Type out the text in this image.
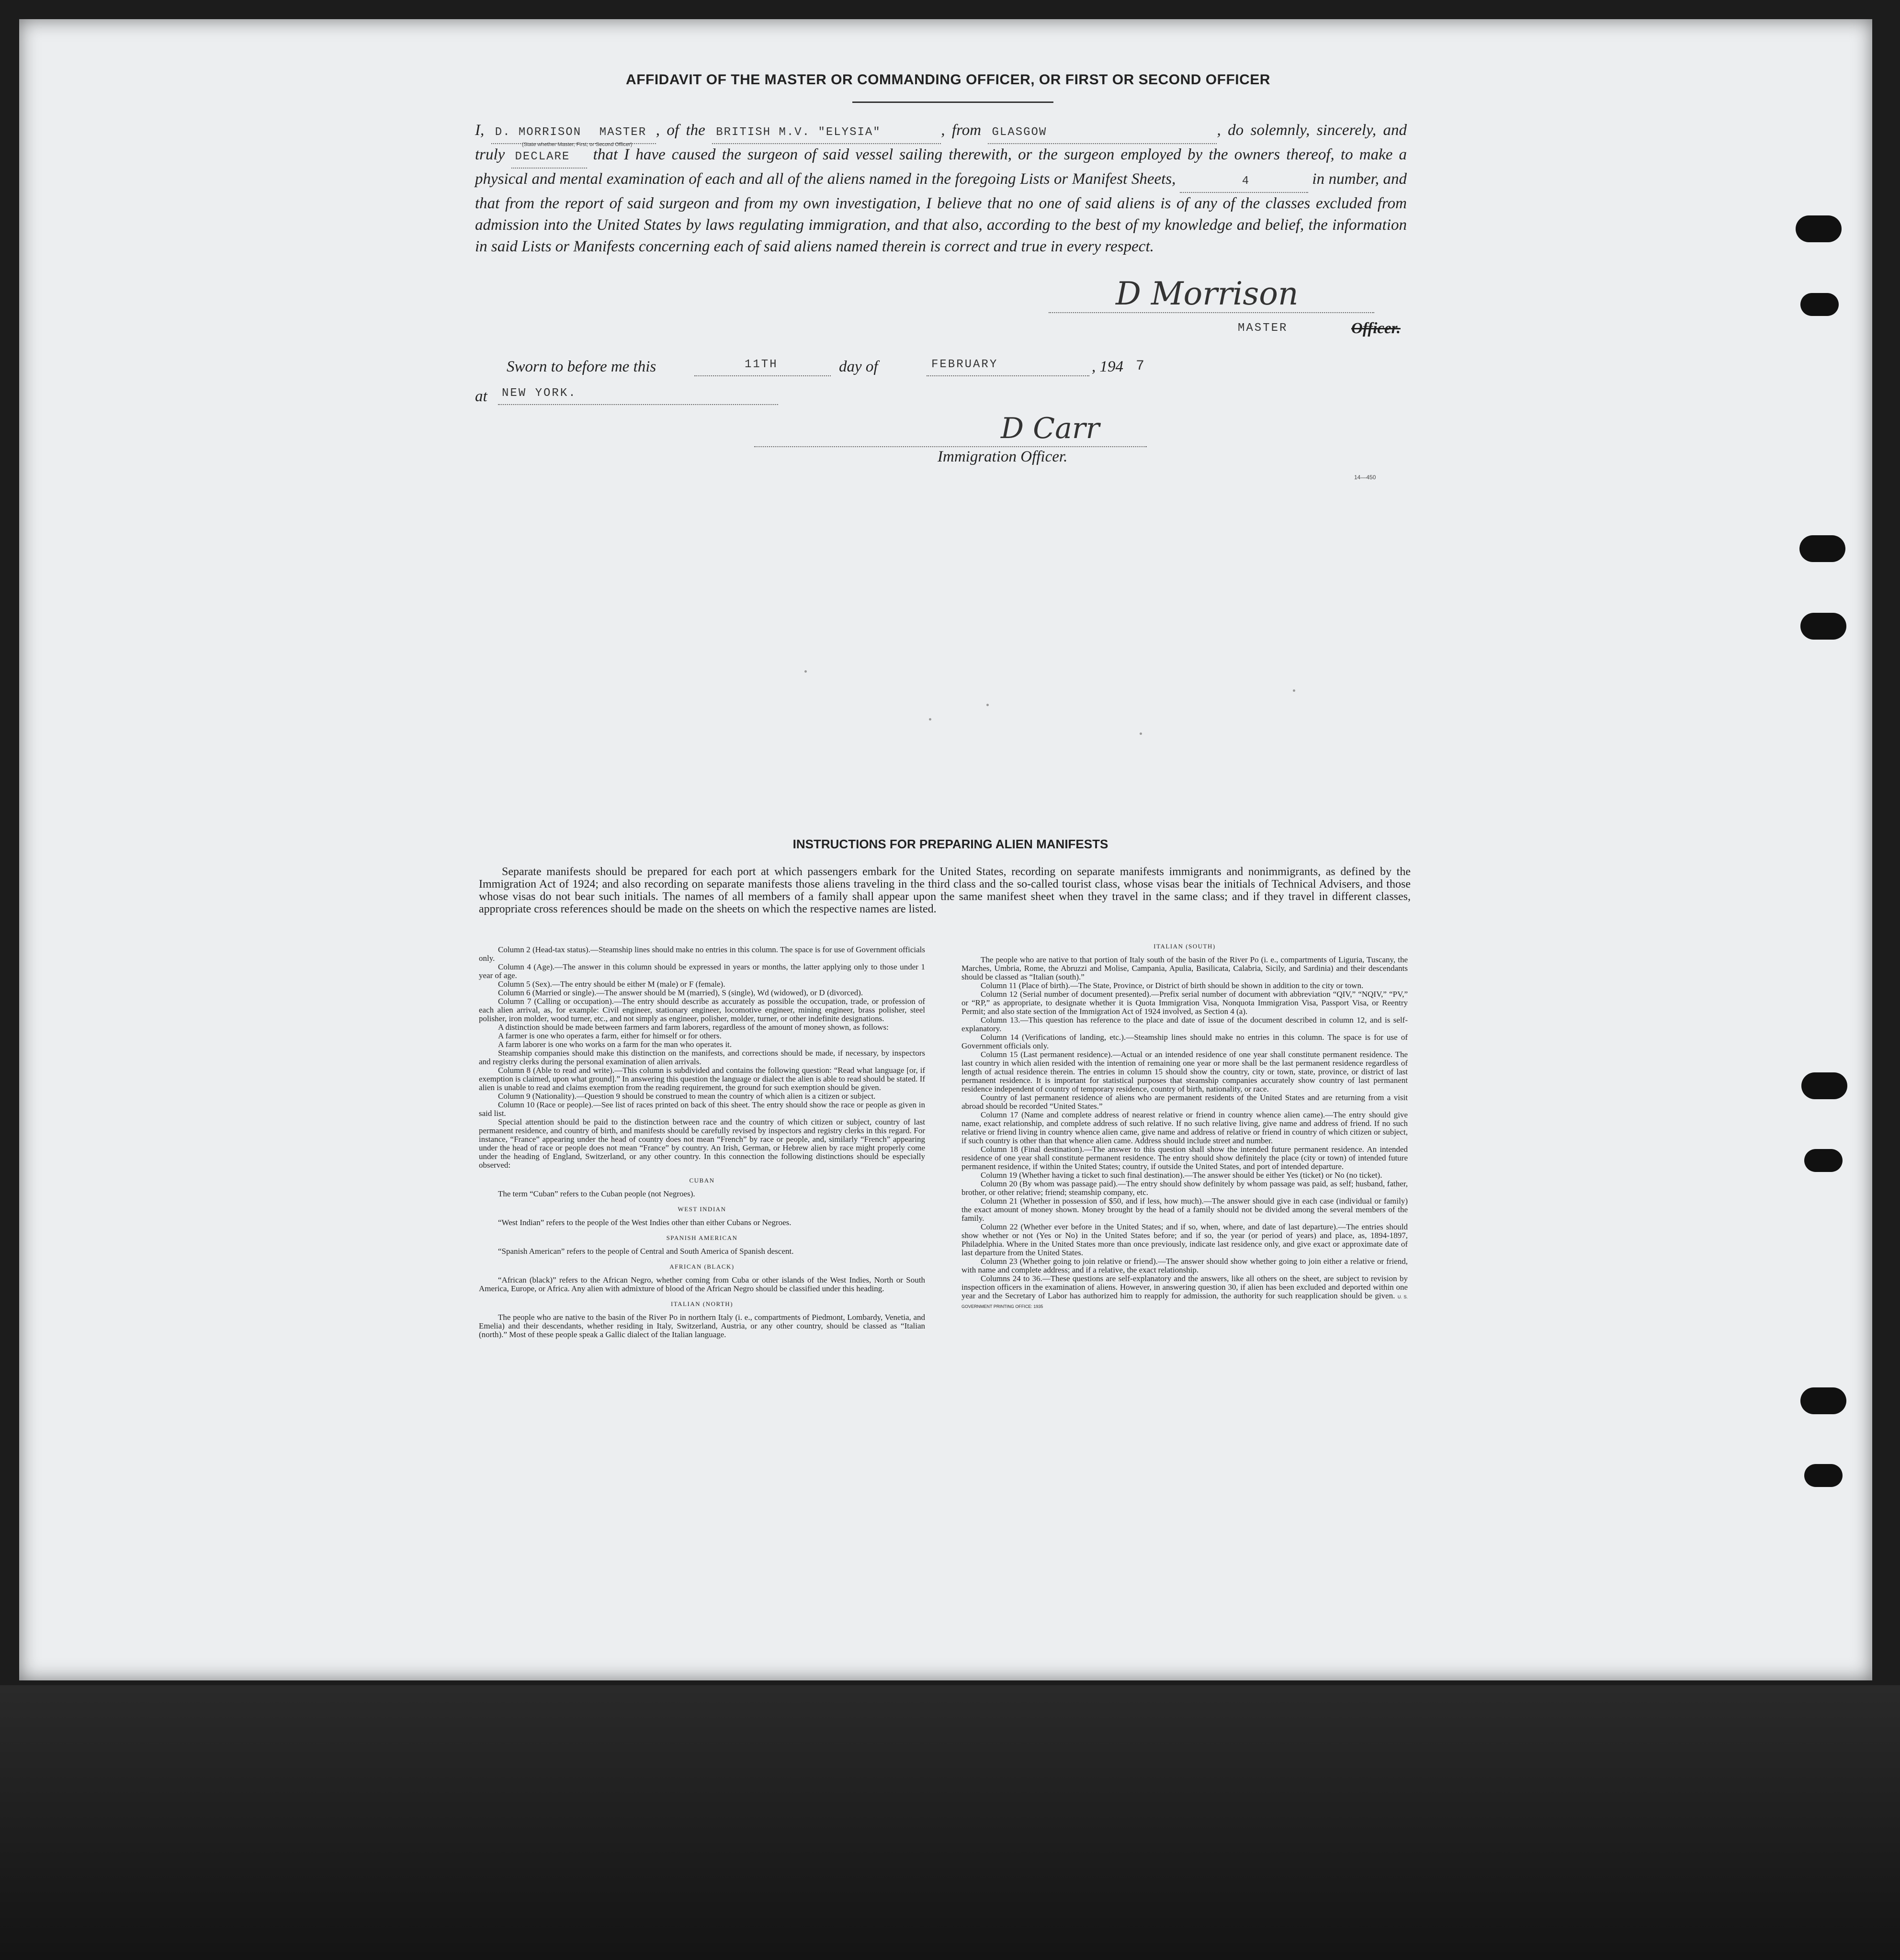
AFFIDAVIT OF THE MASTER OR COMMANDING OFFICER, OR FIRST OR SECOND OFFICER
I, D. MORRISON MASTER , of the BRITISH M.V. "ELYSIA"	, from GLASGOW	, do solemnly, sincerely, and truly DECLARE that I have caused the surgeon of said vessel sailing therewith, or the surgeon employed by the owners thereof, to make a physical and mental examination of each and all of the aliens named in the foregoing Lists or Manifest Sheets,	4	in number, and that from the report of said surgeon and from my own investigation, I believe that no one of said aliens is of any of the classes excluded from admission into the United States by laws regulating immigration, and that also, according to the best of my knowledge and belief, the information in said Lists or Manifests concerning each of said aliens named therein is correct and true in every respect.
(State whether Master, First, or Second Officer)
D Morrison
MASTER	Officer.
Sworn to before me this	11TH	day of	FEBRUARY	, 194 7
at NEW YORK.
D Carr
Immigration Officer.
14—450
INSTRUCTIONS FOR PREPARING ALIEN MANIFESTS
Separate manifests should be prepared for each port at which passengers embark for the United States, recording on separate manifests immigrants and nonimmigrants, as defined by the Immigration Act of 1924; and also recording on separate manifests those aliens traveling in the third class and the so-called tourist class, whose visas bear the initials of Technical Advisers, and those whose visas do not bear such initials. The names of all members of a family shall appear upon the same manifest sheet when they travel in the same class; and if they travel in different classes, appropriate cross references should be made on the sheets on which the respective names are listed.

Column 2 (Head-tax status).—Steamship lines should make no entries in this column. The space is for use of Government officials only.

Column 4 (Age).—The answer in this column should be expressed in years or months, the latter applying only to those under 1 year of age.

Column 5 (Sex).—The entry should be either M (male) or F (female).

Column 6 (Married or single).—The answer should be M (married), S (single), Wd (widowed), or D (divorced).

Column 7 (Calling or occupation).—The entry should describe as accurately as possible the occupation, trade, or profession of each alien arrival, as, for example: Civil engineer, stationary engineer, locomotive engineer, mining engineer, brass polisher, steel polisher, iron molder, wood turner, etc., and not simply as engineer, polisher, molder, turner, or other indefinite designations.

A distinction should be made between farmers and farm laborers, regardless of the amount of money shown, as follows:

A farmer is one who operates a farm, either for himself or for others.

A farm laborer is one who works on a farm for the man who operates it.

Steamship companies should make this distinction on the manifests, and corrections should be made, if necessary, by inspectors and registry clerks during the personal examination of alien arrivals.

Column 8 (Able to read and write).—This column is subdivided and contains the following question: “Read what language [or, if exemption is claimed, upon what ground].” In answering this question the language or dialect the alien is able to read should be stated. If alien is unable to read and claims exemption from the reading requirement, the ground for such exemption should be given.

Column 9 (Nationality).—Question 9 should be construed to mean the country of which alien is a citizen or subject.

Column 10 (Race or people).—See list of races printed on back of this sheet. The entry should show the race or people as given in said list.

Special attention should be paid to the distinction between race and the country of which citizen or subject, country of last permanent residence, and country of birth, and manifests should be carefully revised by inspectors and registry clerks in this regard. For instance, “France” appearing under the head of country does not mean “French” by race or people, and, similarly “French” appearing under the head of race or people does not mean “France” by country. An Irish, German, or Hebrew alien by race might properly come under the heading of England, Switzerland, or any other country. In this connection the following distinctions should be especially observed:

CUBAN

The term “Cuban” refers to the Cuban people (not Negroes).

WEST INDIAN

“West Indian” refers to the people of the West Indies other than either Cubans or Negroes.

SPANISH AMERICAN

“Spanish American” refers to the people of Central and South America of Spanish descent.

AFRICAN (BLACK)

“African (black)” refers to the African Negro, whether coming from Cuba or other islands of the West Indies, North or South America, Europe, or Africa. Any alien with admixture of blood of the African Negro should be classified under this heading.

ITALIAN (NORTH)

The people who are native to the basin of the River Po in northern Italy (i. e., compartments of Piedmont, Lombardy, Venetia, and Emelia) and their descendants, whether residing in Italy, Switzerland, Austria, or any other country, should be classed as “Italian (north).” Most of these people speak a Gallic dialect of the Italian language.

ITALIAN (SOUTH)

The people who are native to that portion of Italy south of the basin of the River Po (i. e., compartments of Liguria, Tuscany, the Marches, Umbria, Rome, the Abruzzi and Molise, Campania, Apulia, Basilicata, Calabria, Sicily, and Sardinia) and their descendants should be classed as “Italian (south).”

Column 11 (Place of birth).—The State, Province, or District of birth should be shown in addition to the city or town.

Column 12 (Serial number of document presented).—Prefix serial number of document with abbreviation “QIV,” “NQIV,” “PV,” or “RP,” as appropriate, to designate whether it is Quota Immigration Visa, Nonquota Immigration Visa, Passport Visa, or Reentry Permit; and also state section of the Immigration Act of 1924 involved, as Section 4 (a).

Column 13.—This question has reference to the place and date of issue of the document described in column 12, and is self-explanatory.

Column 14 (Verifications of landing, etc.).—Steamship lines should make no entries in this column. The space is for use of Government officials only.

Column 15 (Last permanent residence).—Actual or an intended residence of one year shall constitute permanent residence. The last country in which alien resided with the intention of remaining one year or more shall be the last permanent residence regardless of length of actual residence therein. The entries in column 15 should show the country, city or town, state, province, or district of last permanent residence. It is important for statistical purposes that steamship companies accurately show country of last permanent residence independent of country of temporary residence, country of birth, nationality, or race.

Country of last permanent residence of aliens who are permanent residents of the United States and are returning from a visit abroad should be recorded “United States.”

Column 17 (Name and complete address of nearest relative or friend in country whence alien came).—The entry should give name, exact relationship, and complete address of such relative. If no such relative living, give name and address of friend. If no such relative or friend living in country whence alien came, give name and address of relative or friend in country of which citizen or subject, if such country is other than that whence alien came. Address should include street and number.

Column 18 (Final destination).—The answer to this question shall show the intended future permanent residence. An intended residence of one year shall constitute permanent residence. The entry should show definitely the place (city or town) of intended future permanent residence, if within the United States; country, if outside the United States, and port of intended departure.

Column 19 (Whether having a ticket to such final destination).—The answer should be either Yes (ticket) or No (no ticket).

Column 20 (By whom was passage paid).—The entry should show definitely by whom passage was paid, as self; husband, father, brother, or other relative; friend; steamship company, etc.

Column 21 (Whether in possession of $50, and if less, how much).—The answer should give in each case (individual or family) the exact amount of money shown. Money brought by the head of a family should not be divided among the several members of the family.

Column 22 (Whether ever before in the United States; and if so, when, where, and date of last departure).—The entries should show whether or not (Yes or No) in the United States before; and if so, the year (or period of years) and place, as, 1894-1897, Philadelphia. Where in the United States more than once previously, indicate last residence only, and give exact or approximate date of last departure from the United States.

Column 23 (Whether going to join relative or friend).—The answer should show whether going to join either a relative or friend, with name and complete address; and if a relative, the exact relationship.

Columns 24 to 36.—These questions are self-explanatory and the answers, like all others on the sheet, are subject to revision by inspection officers in the examination of aliens. However, in answering question 30, if alien has been excluded and deported within one year and the Secretary of Labor has authorized him to reapply for admission, the authority for such reapplication should be given. U. S. GOVERNMENT PRINTING OFFICE: 1935
